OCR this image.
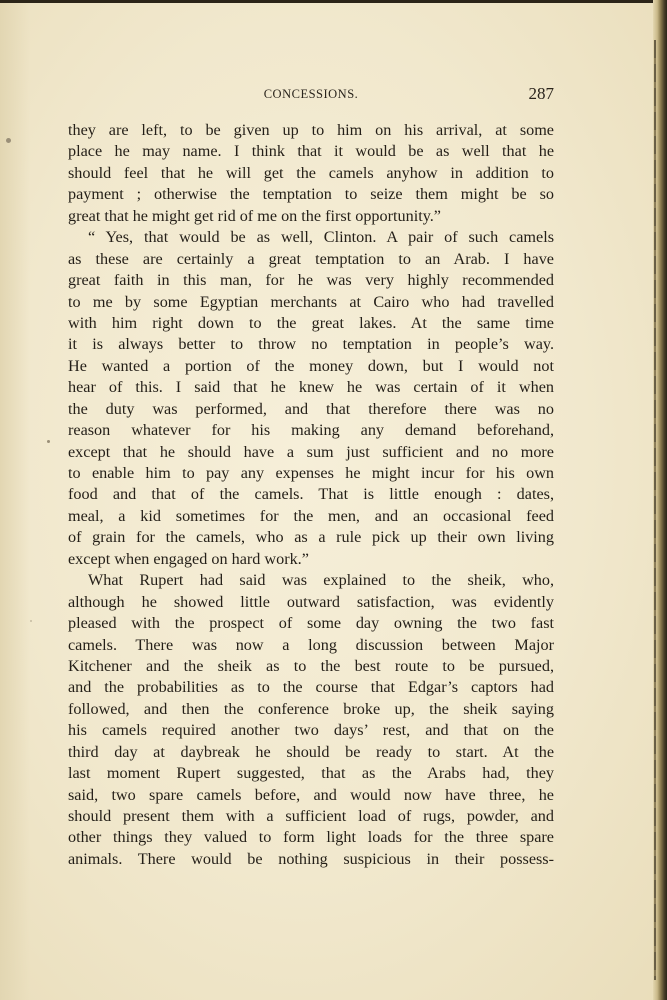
CONCESSIONS.	287
they are left, to be given up to him on his arrival, at some
place he may name. I think that it would be as well that he
should feel that he will get the camels anyhow in addition to
payment ; otherwise the temptation to seize them might be so
great that he might get rid of me on the first opportunity.”
“ Yes, that would be as well, Clinton. A pair of such camels
as these are certainly a great temptation to an Arab. I have
great faith in this man, for he was very highly recommended
to me by some Egyptian merchants at Cairo who had travelled
with him right down to the great lakes. At the same time
it is always better to throw no temptation in people’s way.
He wanted a portion of the money down, but I would not
hear of this. I said that he knew he was certain of it when
the duty was performed, and that therefore there was no
reason whatever for his making any demand beforehand,
except that he should have a sum just sufficient and no more
to enable him to pay any expenses he might incur for his own
food and that of the camels. That is little enough : dates,
meal, a kid sometimes for the men, and an occasional feed
of grain for the camels, who as a rule pick up their own living
except when engaged on hard work.”
What Rupert had said was explained to the sheik, who,
although he showed little outward satisfaction, was evidently
pleased with the prospect of some day owning the two fast
camels. There was now a long discussion between Major
Kitchener and the sheik as to the best route to be pursued,
and the probabilities as to the course that Edgar’s captors had
followed, and then the conference broke up, the sheik saying
his camels required another two days’ rest, and that on the
third day at daybreak he should be ready to start. At the
last moment Rupert suggested, that as the Arabs had, they
said, two spare camels before, and would now have three, he
should present them with a sufficient load of rugs, powder, and
other things they valued to form light loads for the three spare
animals. There would be nothing suspicious in their possess-
